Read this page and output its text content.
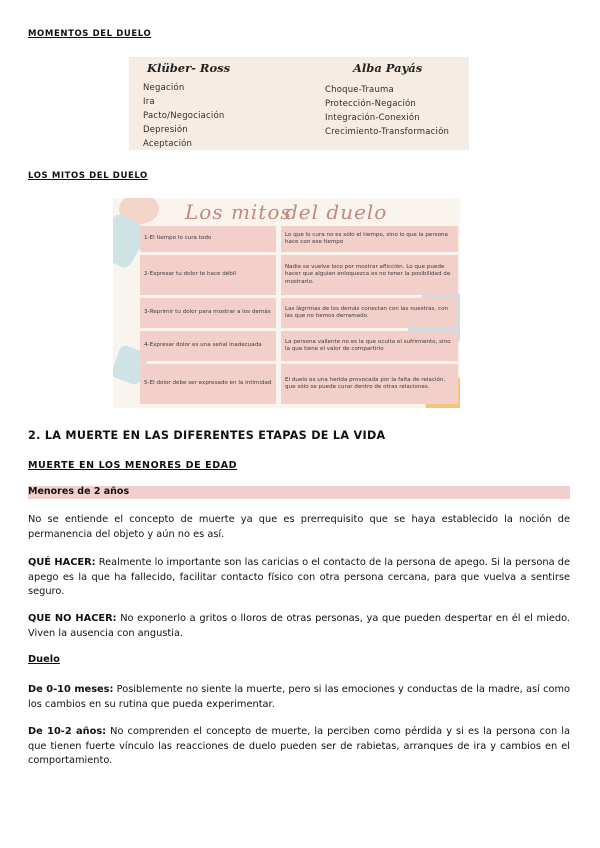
MOMENTOS DEL DUELO
Klüber- Ross
Negación
Ira
Pacto/Negociación
Depresión
Aceptación
Alba Payás
Choque-Trauma
Protección-Negación
Integración-Conexión
Crecimiento-Transformación
LOS MITOS DEL DUELO
Los mitos
del duelo
1-El tiempo lo cura todo
Lo que lo cura no es sólo el tiempo, sino lo que la persona hace con ese tiempo
2-Expresar tu dolor te hace débil
Nadie se vuelve loco por mostrar aflicción. Lo que puede hacer que alguien enloquezca es no tener la posibilidad de mostrarlo.
3-Reprimir tu dolor para mostrar a los demás
Las lágrimas de los demás conectan con las nuestras, con las que no hemos derramado.
4-Expresar dolor es una señal inadecuada
La persona valiente no es la que oculta el sufrimiento, sino la que tiene el valor de compartirlo
5-El dolor debe ser expresado en la intimidad
El duelo es una herida provocada por la falta de relación, que sólo se puede curar dentro de otras relaciones.
2. LA MUERTE EN LAS DIFERENTES ETAPAS DE LA VIDA
MUERTE EN LOS MENORES DE EDAD
Menores de 2 años
No se entiende el concepto de muerte ya que es prerrequisito que se haya establecido la noción de permanencia del objeto y aún no es así.
QUÉ HACER: Realmente lo importante son las caricias o el contacto de la persona de apego. Si la persona de apego es la que ha fallecido, facilitar contacto físico con otra persona cercana, para que vuelva a sentirse seguro.
QUE NO HACER: No exponerlo a gritos o lloros de otras personas, ya que pueden despertar en él el miedo. Viven la ausencia con angustia.
Duelo
De 0-10 meses: Posiblemente no siente la muerte, pero si las emociones y conductas de la madre, así como los cambios en su rutina que pueda experimentar.
De 10-2 años: No comprenden el concepto de muerte, la perciben como pérdida y si es la persona con la que tienen fuerte vínculo las reacciones de duelo pueden ser de rabietas, arranques de ira y cambios en el comportamiento.
